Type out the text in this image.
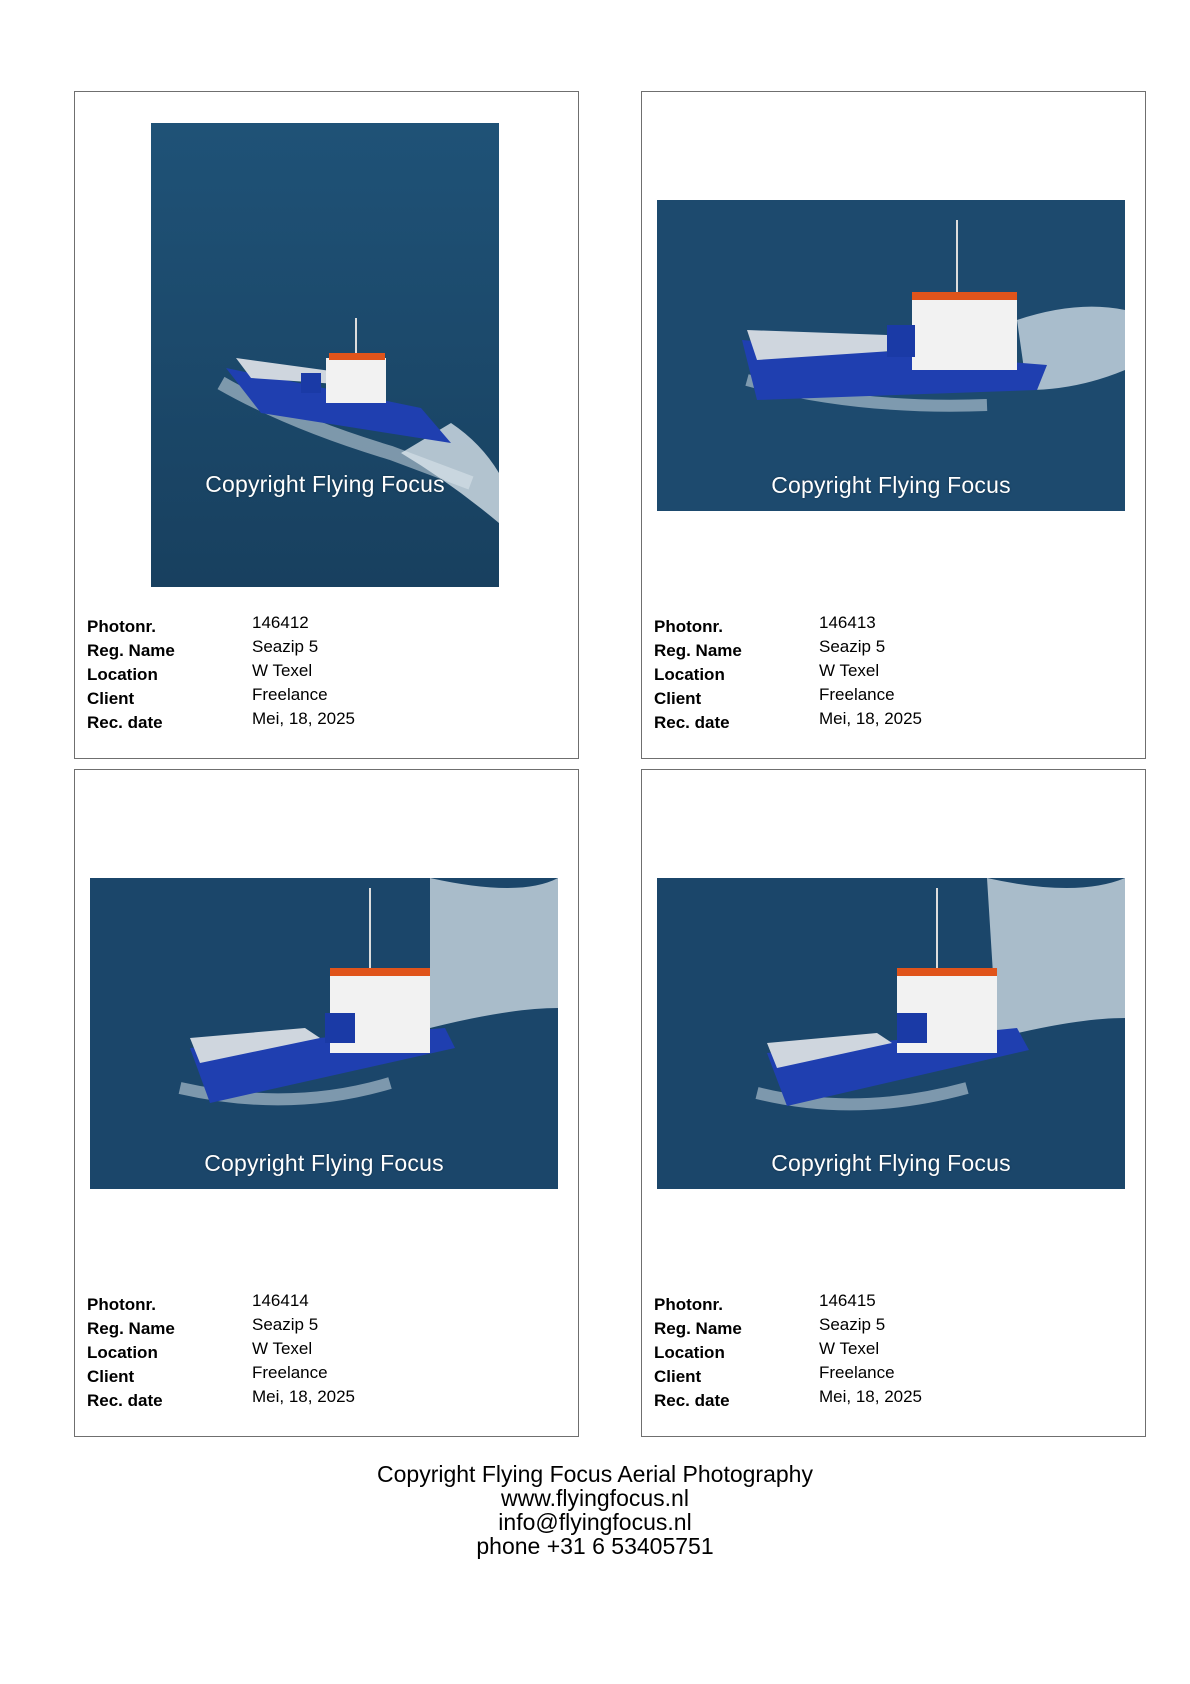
Copyright Flying Focus
Photonr.	146412
Reg. Name	Seazip 5
Location	W Texel
Client	Freelance
Rec. date	Mei, 18, 2025
Copyright Flying Focus
Photonr.	146413
Reg. Name	Seazip 5
Location	W Texel
Client	Freelance
Rec. date	Mei, 18, 2025
Copyright Flying Focus
Photonr.	146414
Reg. Name	Seazip 5
Location	W Texel
Client	Freelance
Rec. date	Mei, 18, 2025
Copyright Flying Focus
Photonr.	146415
Reg. Name	Seazip 5
Location	W Texel
Client	Freelance
Rec. date	Mei, 18, 2025
Copyright Flying Focus Aerial Photography
www.flyingfocus.nl
info@flyingfocus.nl
phone +31 6 53405751
